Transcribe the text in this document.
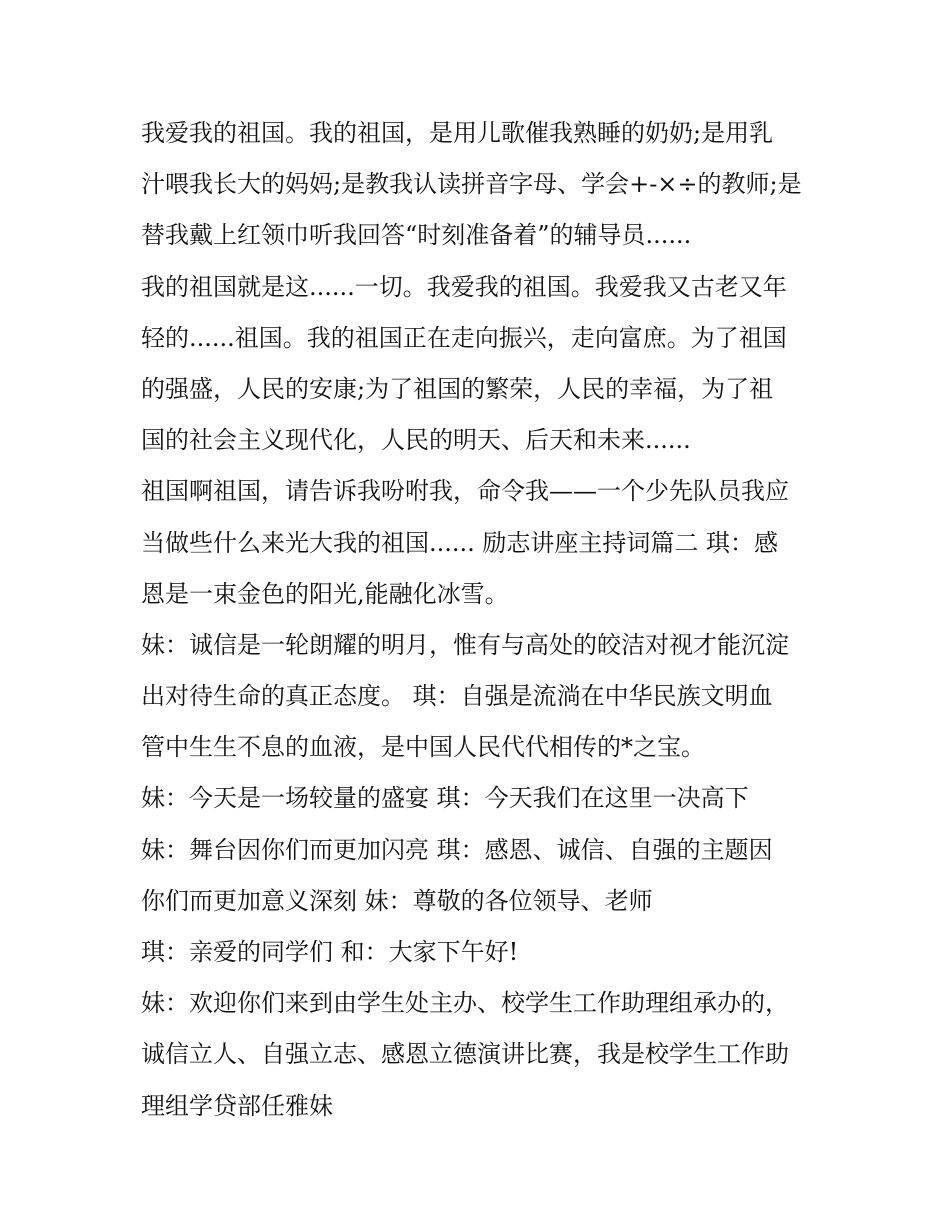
我爱我的祖国。我的祖国，是用儿歌催我熟睡的奶奶;是用乳
汁喂我长大的妈妈;是教我认读拼音字母、学会+-×÷的教师;是
替我戴上红领巾听我回答“时刻准备着”的辅导员......
我的祖国就是这......一切。我爱我的祖国。我爱我又古老又年
轻的......祖国。我的祖国正在走向振兴，走向富庶。为了祖国
的强盛，人民的安康;为了祖国的繁荣，人民的幸福，为了祖
国的社会主义现代化，人民的明天、后天和未来......
祖国啊祖国，请告诉我吩咐我，命令我——一个少先队员我应
当做些什么来光大我的祖国...... 励志讲座主持词篇二 琪：感
恩是一束金色的阳光,能融化冰雪。
妹：诚信是一轮朗耀的明月，惟有与高处的皎洁对视才能沉淀
出对待生命的真正态度。 琪：自强是流淌在中华民族文明血
管中生生不息的血液，是中国人民代代相传的*之宝。
妹：今天是一场较量的盛宴 琪：今天我们在这里一决高下
妹：舞台因你们而更加闪亮 琪：感恩、诚信、自强的主题因
你们而更加意义深刻 妹：尊敬的各位领导、老师
琪：亲爱的同学们 和：大家下午好!
妹：欢迎你们来到由学生处主办、校学生工作助理组承办的，
诚信立人、自强立志、感恩立德演讲比赛，我是校学生工作助
理组学贷部任雅妹
